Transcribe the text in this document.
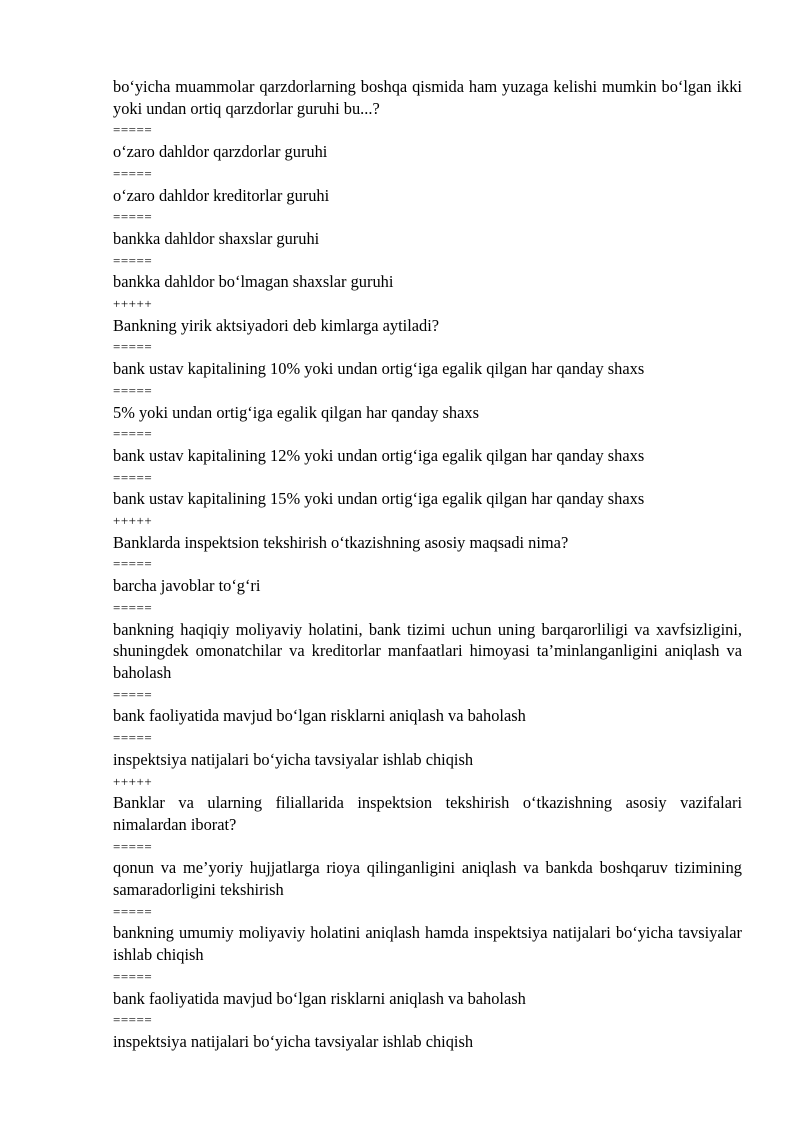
bo‘yicha muammolar qarzdorlarning boshqa qismida ham yuzaga kelishi mumkin bo‘lgan ikki yoki undan ortiq qarzdorlar guruhi bu...?

=====

o‘zaro dahldor qarzdorlar guruhi

=====

o‘zaro dahldor kreditorlar guruhi

=====

bankka dahldor shaxslar guruhi

=====

bankka dahldor bo‘lmagan shaxslar guruhi

+++++

Bankning yirik aktsiyadori deb kimlarga aytiladi?

=====

bank ustav kapitalining 10% yoki undan ortig‘iga egalik qilgan har qanday shaxs

=====

5% yoki undan ortig‘iga egalik qilgan har qanday shaxs

=====

bank ustav kapitalining 12% yoki undan ortig‘iga egalik qilgan har qanday shaxs

=====

bank ustav kapitalining 15% yoki undan ortig‘iga egalik qilgan har qanday shaxs

+++++

Banklarda inspektsion tekshirish o‘tkazishning asosiy maqsadi nima?

=====

barcha javoblar to‘g‘ri

=====

bankning haqiqiy moliyaviy holatini, bank tizimi uchun uning barqarorliligi va xavfsizligini, shuningdek omonatchilar va kreditorlar manfaatlari himoyasi ta’minlanganligini aniqlash va baholash

=====

bank faoliyatida mavjud bo‘lgan risklarni aniqlash va baholash

=====

inspektsiya natijalari bo‘yicha tavsiyalar ishlab chiqish

+++++

Banklar va ularning filiallarida inspektsion tekshirish o‘tkazishning asosiy vazifalari nimalardan iborat?

=====

qonun va me’yoriy hujjatlarga rioya qilinganligini aniqlash va bankda boshqaruv tizimining samaradorligini tekshirish

=====

bankning umumiy moliyaviy holatini aniqlash hamda inspektsiya natijalari bo‘yicha tavsiyalar ishlab chiqish

=====

bank faoliyatida mavjud bo‘lgan risklarni aniqlash va baholash

=====

inspektsiya natijalari bo‘yicha tavsiyalar ishlab chiqish
